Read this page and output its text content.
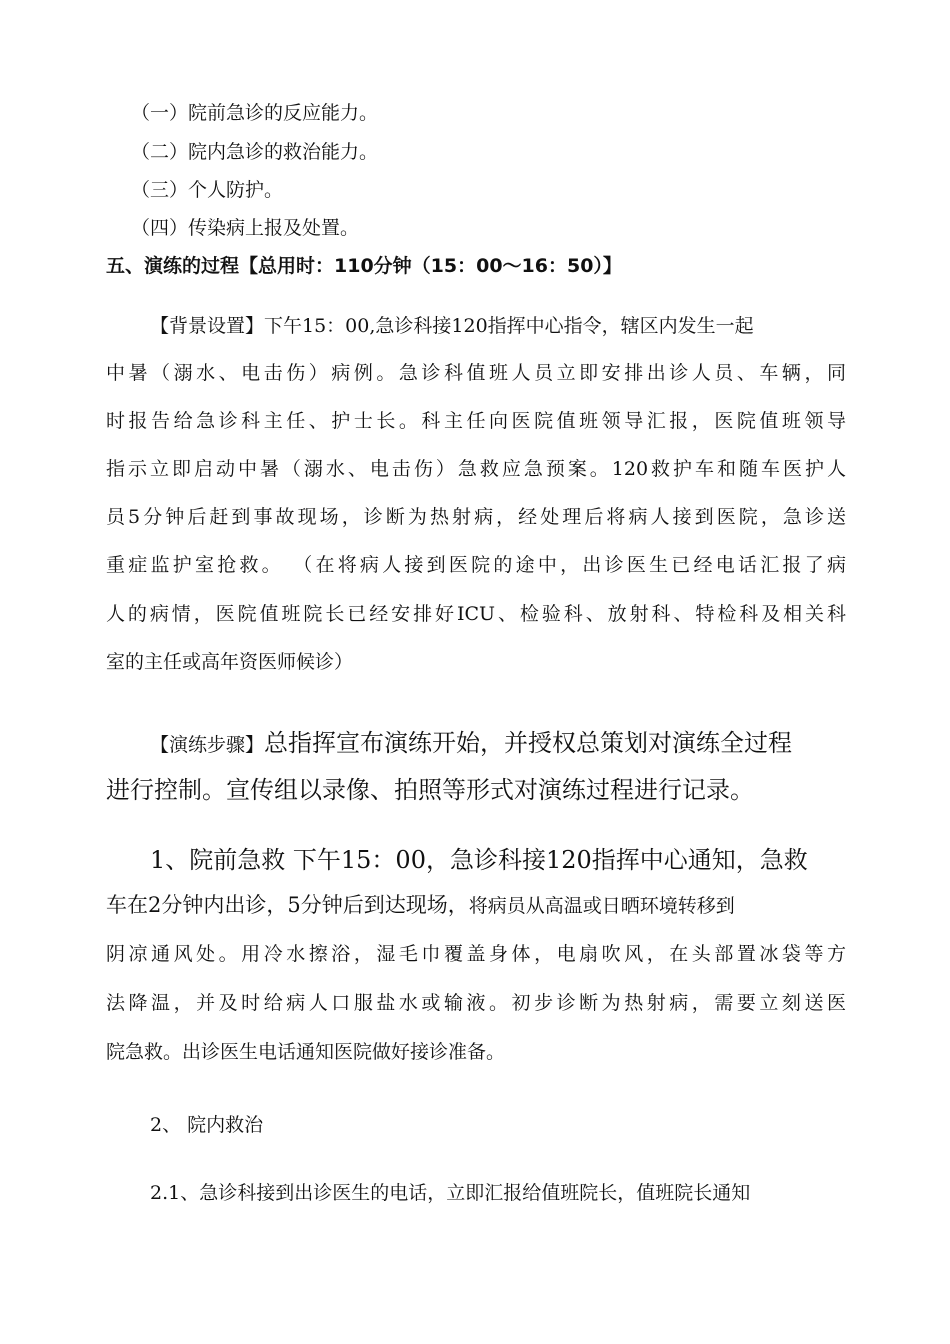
（一）院前急诊的反应能力。
（二）院内急诊的救治能力。
（三）个人防护。
（四）传染病上报及处置。
五、演练的过程【总用时：110分钟（15：00～16：50）】
【背景设置】下午15：00,急诊科接120指挥中心指令，辖区内发生一起
中暑（溺水、电击伤）病例。急诊科值班人员立即安排出诊人员、车辆，同
时报告给急诊科主任、护士长。科主任向医院值班领导汇报，医院值班领导
指示立即启动中暑（溺水、电击伤）急救应急预案。120救护车和随车医护人
员5分钟后赶到事故现场，诊断为热射病，经处理后将病人接到医院，急诊送
重症监护室抢救。 （在将病人接到医院的途中，出诊医生已经电话汇报了病
人的病情，医院值班院长已经安排好ICU、检验科、放射科、特检科及相关科
室的主任或高年资医师候诊）
【演练步骤】总指挥宣布演练开始，并授权总策划对演练全过程
进行控制。宣传组以录像、拍照等形式对演练过程进行记录。
1、院前急救 下午15：00，急诊科接120指挥中心通知，急救
车在2分钟内出诊，5分钟后到达现场，将病员从高温或日晒环境转移到
阴凉通风处。用冷水擦浴，湿毛巾覆盖身体，电扇吹风，在头部置冰袋等方
法降温，并及时给病人口服盐水或输液。初步诊断为热射病，需要立刻送医
院急救。出诊医生电话通知医院做好接诊准备。
2、 院内救治
2.1、急诊科接到出诊医生的电话，立即汇报给值班院长，值班院长通知
